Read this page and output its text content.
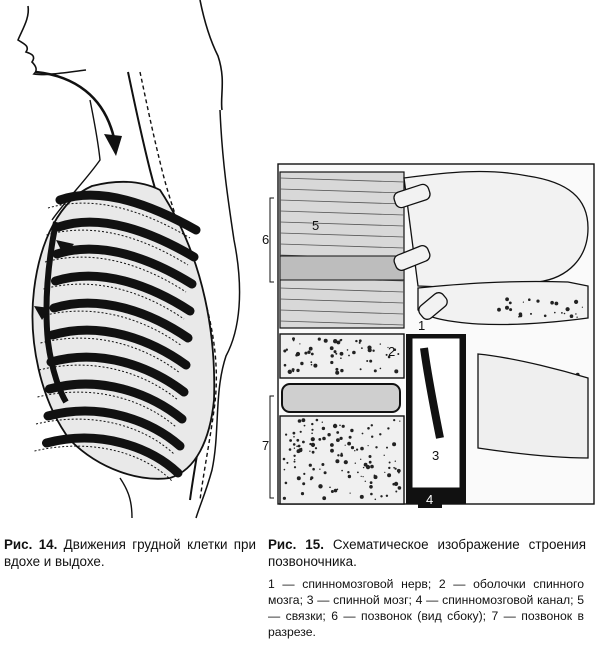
5
6
1
2
3
4
7
Рис. 14. Движения грудной клетки при вдохе и выдохе.
Рис. 15. Схематическое изображение строения позвоночника.
1 — спинномозговой нерв; 2 — оболочки спинного мозга; 3 — спинной мозг; 4 — спинномозговой канал; 5 — связки; 6 — позвонок (вид сбоку); 7 — позвонок в разрезе.
